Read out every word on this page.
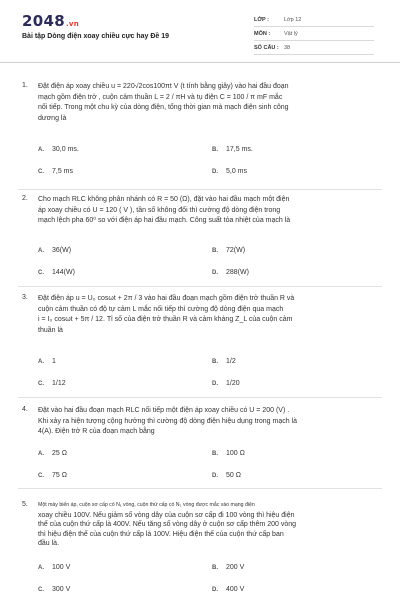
2048.vn
Bài tập Dòng điện xoay chiều cực hay Đề 19
LỚP :	Lớp 12
MÔN :	Vật lý
SỐ CÂU : 38
1. Đặt điện áp xoay chiều u = 220√2cos100πt V (t tính bằng giây) vào hai đầu đoạn
mạch gồm điện trở , cuộn cảm thuần L = 2 / πH và tụ điện C = 100 / π mF mắc
nối tiếp. Trong một chu kỳ của dòng điện, tổng thời gian mà mạch điện sinh công
dương là
A. 30,0 ms.	B. 17,5 ms.
C. 7,5 ms	D. 5,0 ms
2. Cho mạch RLC không phân nhánh có R = 50 (Ω), đặt vào hai đầu mạch một điện
áp xoay chiều có U = 120 ( V ), tần số không đổi thì cường độ dòng điện trong
mạch lệch pha 60⁰ so với điện áp hai đầu mạch. Công suất tỏa nhiệt của mạch là
A. 36(W)	B. 72(W)
C. 144(W)	D. 288(W)
3. Đặt điện áp u = U₀ cosωt + 2π / 3 vào hai đầu đoạn mạch gồm điện trở thuần R và
cuộn cảm thuần có độ tự cảm L mắc nối tiếp thì cường độ dòng điện qua mạch
i = I₀ cosωt + 5π / 12. Tỉ số của điện trở thuần R và cảm kháng Z_L của cuộn cảm
thuần là
A. 1	B. 1/2
C. 1/12	D. 1/20
4. Đặt vào hai đầu đoạn mạch RLC nối tiếp một điện áp xoay chiều có U = 200 (V) .
Khi xảy ra hiện tượng cộng hưởng thì cường độ dòng điện hiệu dụng trong mạch là
4(A). Điện trở R của đoạn mạch bằng
A. 25 Ω	B. 100 Ω
C. 75 Ω	D. 50 Ω
5. Một máy biến áp, cuộn sơ cấp có N₁ vòng, cuộn thứ cấp có N₂ vòng được mắc vào mạng điện
xoay chiều 100V. Nếu giảm số vòng dây của cuộn sơ cấp đi 100 vòng thì hiệu điện
thế của cuộn thứ cấp là 400V. Nếu tăng số vòng dây ở cuộn sơ cấp thêm 200 vòng
thì hiệu điện thế của cuộn thứ cấp là 100V. Hiệu điện thế của cuộn thứ cấp ban
đầu là.
A. 100 V	B. 200 V
C. 300 V	D. 400 V
